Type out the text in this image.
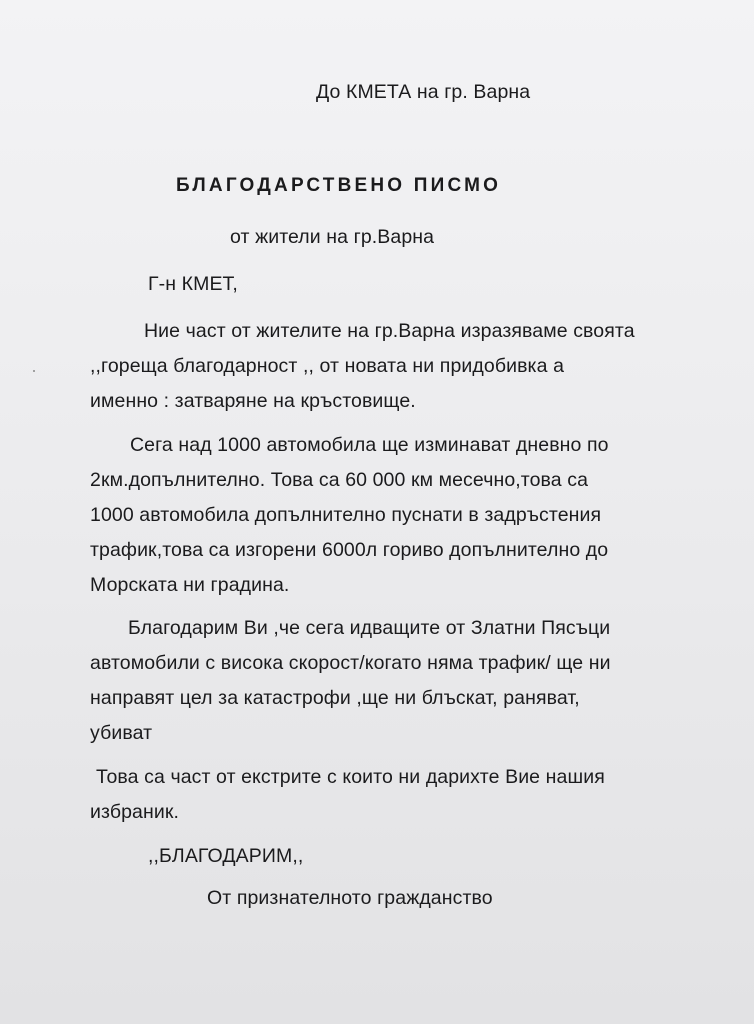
До КМЕТА на гр. Варна
БЛАГОДАРСТВЕНО ПИСМО
от жители на гр.Варна
Г-н КМЕТ,
Ние част от жителите на гр.Варна изразяваме своята
,,гореща благодарност ,, от новата ни придобивка а
именно : затваряне на кръстовище.
Сега над 1000 автомобила ще изминават дневно по
2км.допълнително. Това са 60 000 км месечно,това са
1000 автомобила допълнително пуснати в задръстения
трафик,това са изгорени 6000л гориво допълнително до
Морската ни градина.
Благодарим Ви ,че сега идващите от Златни Пясъци
автомобили с висока скорост/когато няма трафик/ ще ни
направят цел за катастрофи ,ще ни блъскат, раняват,
убиват
Това са част от екстрите с които ни дарихте Вие нашия
избраник.
,,БЛАГОДАРИМ,,
От признателното гражданство
